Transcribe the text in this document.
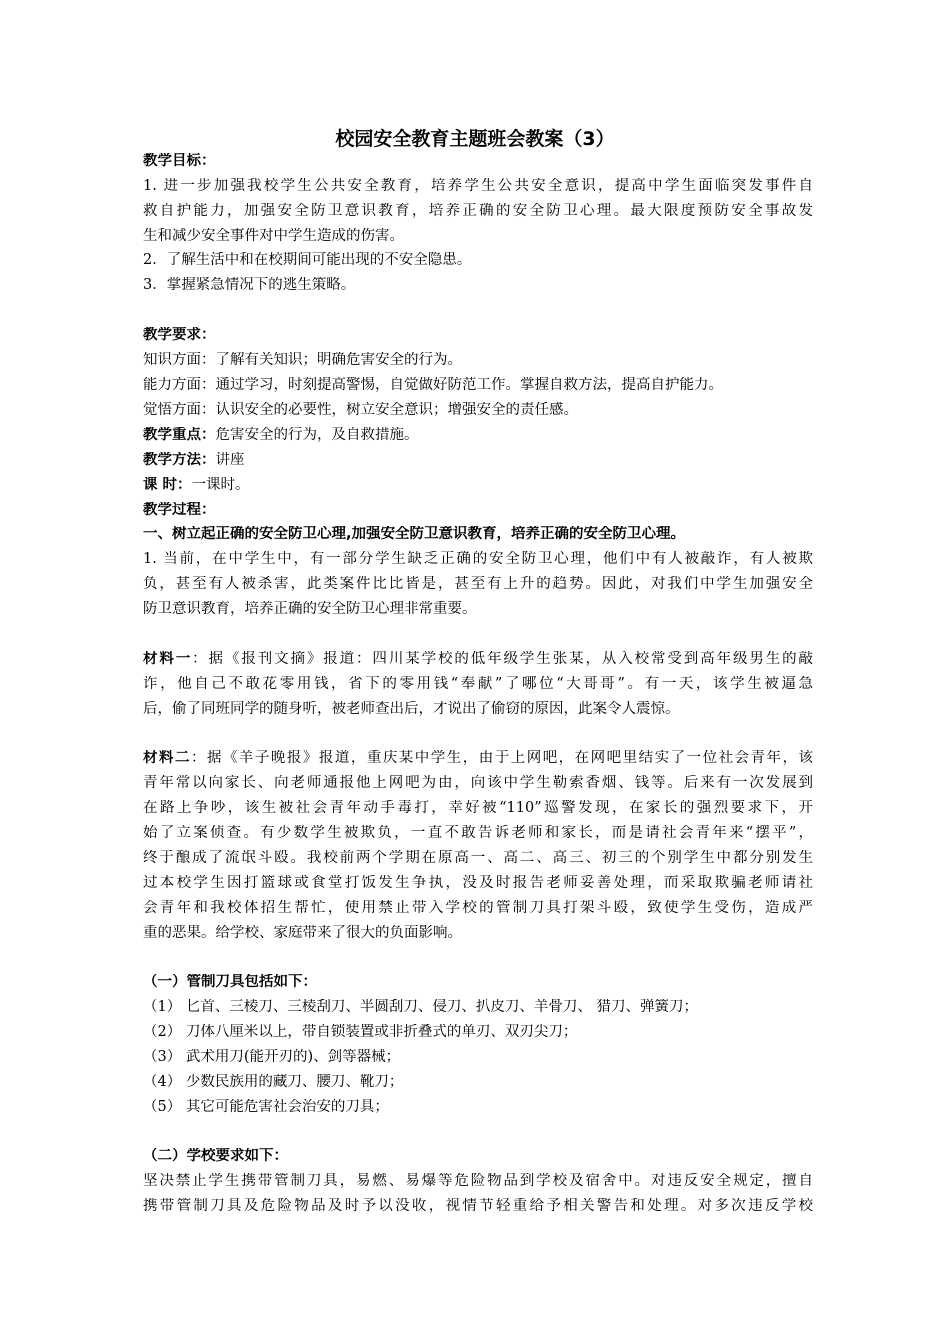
校园安全教育主题班会教案（3）
教学目标：
1. 进一步加强我校学生公共安全教育，培养学生公共安全意识，提高中学生面临突发事件自
救自护能力，加强安全防卫意识教育，培养正确的安全防卫心理。最大限度预防安全事故发
生和减少安全事件对中学生造成的伤害。
2．了解生活中和在校期间可能出现的不安全隐患。
3．掌握紧急情况下的逃生策略。
教学要求：
知识方面：了解有关知识；明确危害安全的行为。
能力方面：通过学习，时刻提高警惕，自觉做好防范工作。掌握自救方法，提高自护能力。
觉悟方面：认识安全的必要性，树立安全意识；增强安全的责任感。
教学重点：危害安全的行为，及自救措施。
教学方法：讲座
课 时：一课时。
教学过程：
一、树立起正确的安全防卫心理,加强安全防卫意识教育，培养正确的安全防卫心理。
1. 当前，在中学生中，有一部分学生缺乏正确的安全防卫心理，他们中有人被敲诈，有人被欺
负，甚至有人被杀害，此类案件比比皆是，甚至有上升的趋势。因此，对我们中学生加强安全
防卫意识教育，培养正确的安全防卫心理非常重要。
材料一：据《报刊文摘》报道：四川某学校的低年级学生张某，从入校常受到高年级男生的敲
诈，他自己不敢花零用钱，省下的零用钱“奉献”了哪位“大哥哥”。有一天，该学生被逼急
后，偷了同班同学的随身听，被老师查出后，才说出了偷窃的原因，此案令人震惊。
材料二：据《羊子晚报》报道，重庆某中学生，由于上网吧，在网吧里结实了一位社会青年，该
青年常以向家长、向老师通报他上网吧为由，向该中学生勒索香烟、钱等。后来有一次发展到
在路上争吵，该生被社会青年动手毒打，幸好被“110”巡警发现，在家长的强烈要求下，开
始了立案侦查。有少数学生被欺负，一直不敢告诉老师和家长，而是请社会青年来“摆平”，
终于酿成了流氓斗殴。我校前两个学期在原高一、高二、高三、初三的个别学生中都分别发生
过本校学生因打篮球或食堂打饭发生争执，没及时报告老师妥善处理，而采取欺骗老师请社
会青年和我校体招生帮忙，使用禁止带入学校的管制刀具打架斗殴，致使学生受伤，造成严
重的恶果。给学校、家庭带来了很大的负面影响。
（一）管制刀具包括如下：
（1） 匕首、三棱刀、三棱刮刀、半圆刮刀、侵刀、扒皮刀、羊骨刀、 猎刀、弹簧刀；
（2） 刀体八厘米以上，带自锁装置或非折叠式的单刃、双刃尖刀；
（3） 武术用刀(能开刃的)、剑等器械；
（4） 少数民族用的藏刀、腰刀、靴刀；
（5） 其它可能危害社会治安的刀具；
（二）学校要求如下：
坚决禁止学生携带管制刀具，易燃、易爆等危险物品到学校及宿舍中。对违反安全规定，擅自
携带管制刀具及危险物品及时予以没收，视情节轻重给予相关警告和处理。对多次违反学校
